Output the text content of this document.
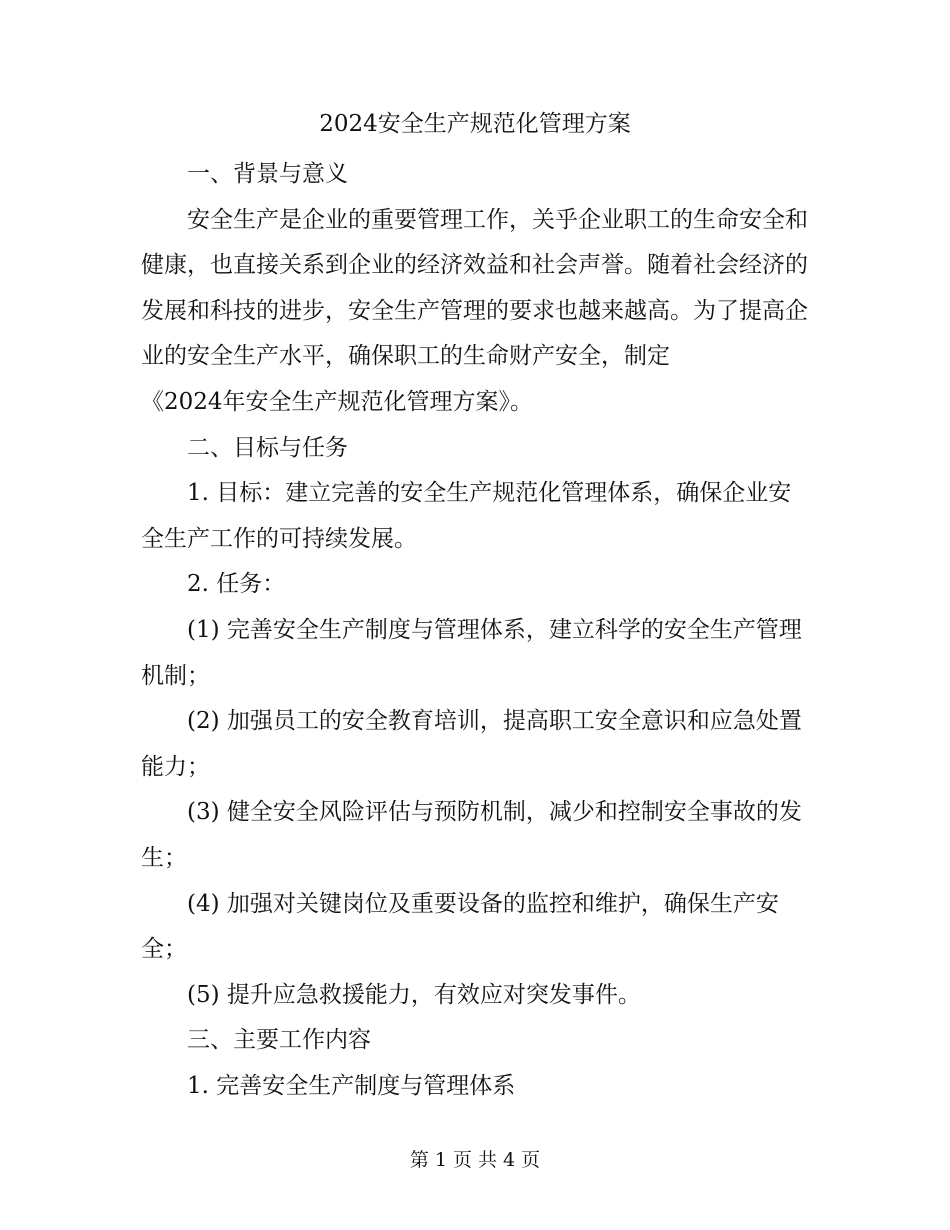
2024安全生产规范化管理方案

一、背景与意义

安全生产是企业的重要管理工作，关乎企业职工的生命安全和健康，也直接关系到企业的经济效益和社会声誉。随着社会经济的发展和科技的进步，安全生产管理的要求也越来越高。为了提高企业的安全生产水平，确保职工的生命财产安全，制定

《2024年安全生产规范化管理方案》。

二、目标与任务

1. 目标：建立完善的安全生产规范化管理体系，确保企业安全生产工作的可持续发展。

2. 任务：

(1) 完善安全生产制度与管理体系，建立科学的安全生产管理机制；

(2) 加强员工的安全教育培训，提高职工安全意识和应急处置能力；

(3) 健全安全风险评估与预防机制，减少和控制安全事故的发生；

(4) 加强对关键岗位及重要设备的监控和维护，确保生产安全；

(5) 提升应急救援能力，有效应对突发事件。

三、主要工作内容

1. 完善安全生产制度与管理体系

第 1 页 共 4 页
